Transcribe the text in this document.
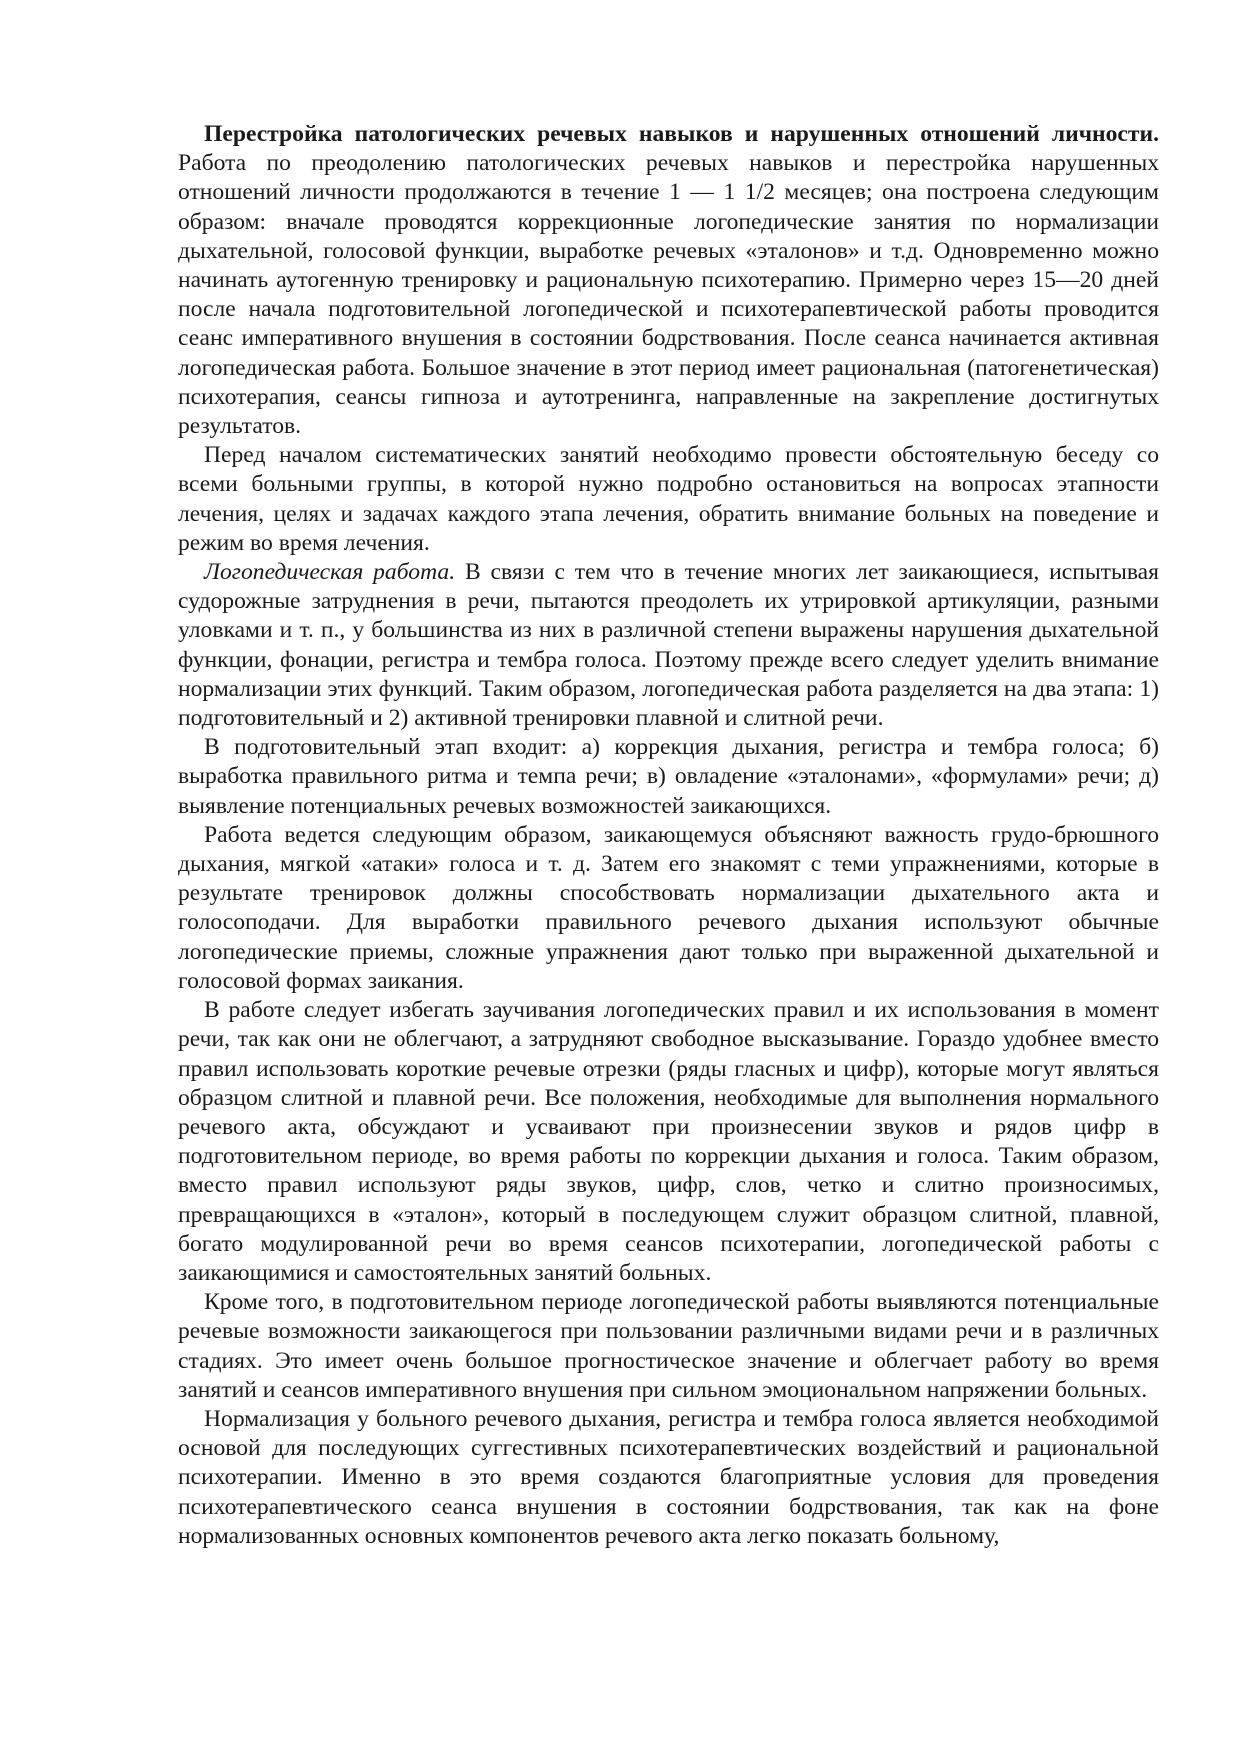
Перестройка патологических речевых навыков и нарушенных отношений личности. Работа по преодолению патологических речевых навыков и перестройка нарушенных отношений личности продолжаются в течение 1 — 1 1/2 месяцев; она построена следующим образом: вначале проводятся коррекционные логопедические занятия по нормализации дыхательной, голосовой функции, выработке речевых «эталонов» и т.д. Одновременно можно начинать аутогенную тренировку и рациональную психотерапию. Примерно через 15—20 дней после начала подготовительной логопедической и психотерапевтической работы проводится сеанс императивного внушения в состоянии бодрствования. После сеанса начинается активная логопедическая работа. Большое значение в этот период имеет рациональная (патогенетическая) психотерапия, сеансы гипноза и аутотренинга, направленные на закрепление достигнутых результатов.

Перед началом систематических занятий необходимо провести обстоятельную беседу со всеми больными группы, в которой нужно подробно остановиться на вопросах этапности лечения, целях и задачах каждого этапа лечения, обратить внимание больных на поведение и режим во время лечения.

Логопедическая работа. В связи с тем что в течение многих лет заикающиеся, испытывая судорожные затруднения в речи, пытаются преодолеть их утрировкой артикуляции, разными уловками и т. п., у большинства из них в различной степени выражены нарушения дыхательной функции, фонации, регистра и тембра голоса. Поэтому прежде всего следует уделить внимание нормализации этих функций. Таким образом, логопедическая работа разделяется на два этапа: 1) подготовительный и 2) активной тренировки плавной и слитной речи.

В подготовительный этап входит: а) коррекция дыхания, регистра и тембра голоса; б) выработка правильного ритма и темпа речи; в) овладение «эталонами», «формулами» речи; д) выявление потенциальных речевых возможностей заикающихся.

Работа ведется следующим образом, заикающемуся объясняют важность грудо-брюшного дыхания, мягкой «атаки» голоса и т. д. Затем его знакомят с теми упражнениями, которые в результате тренировок должны способствовать нормализации дыхательного акта и голосоподачи. Для выработки правильного речевого дыхания используют обычные логопедические приемы, сложные упражнения дают только при выраженной дыхательной и голосовой формах заикания.

В работе следует избегать заучивания логопедических правил и их использования в момент речи, так как они не облегчают, а затрудняют свободное высказывание. Гораздо удобнее вместо правил использовать короткие речевые отрезки (ряды гласных и цифр), которые могут являться образцом слитной и плавной речи. Все положения, необходимые для выполнения нормального речевого акта, обсуждают и усваивают при произнесении звуков и рядов цифр в подготовительном периоде, во время работы по коррекции дыхания и голоса. Таким образом, вместо правил используют ряды звуков, цифр, слов, четко и слитно произносимых, превращающихся в «эталон», который в последующем служит образцом слитной, плавной, богато модулированной речи во время сеансов психотерапии, логопедической работы с заикающимися и самостоятельных занятий больных.

Кроме того, в подготовительном периоде логопедической работы выявляются потенциальные речевые возможности заикающегося при пользовании различными видами речи и в различных стадиях. Это имеет очень большое прогностическое значение и облегчает работу во время занятий и сеансов императивного внушения при сильном эмоциональном напряжении больных.

Нормализация у больного речевого дыхания, регистра и тембра голоса является необходимой основой для последующих суггестивных психотерапевтических воздействий и рациональной психотерапии. Именно в это время создаются благоприятные условия для проведения психотерапевтического сеанса внушения в состоянии бодрствования, так как на фоне нормализованных основных компонентов речевого акта легко показать больному,
